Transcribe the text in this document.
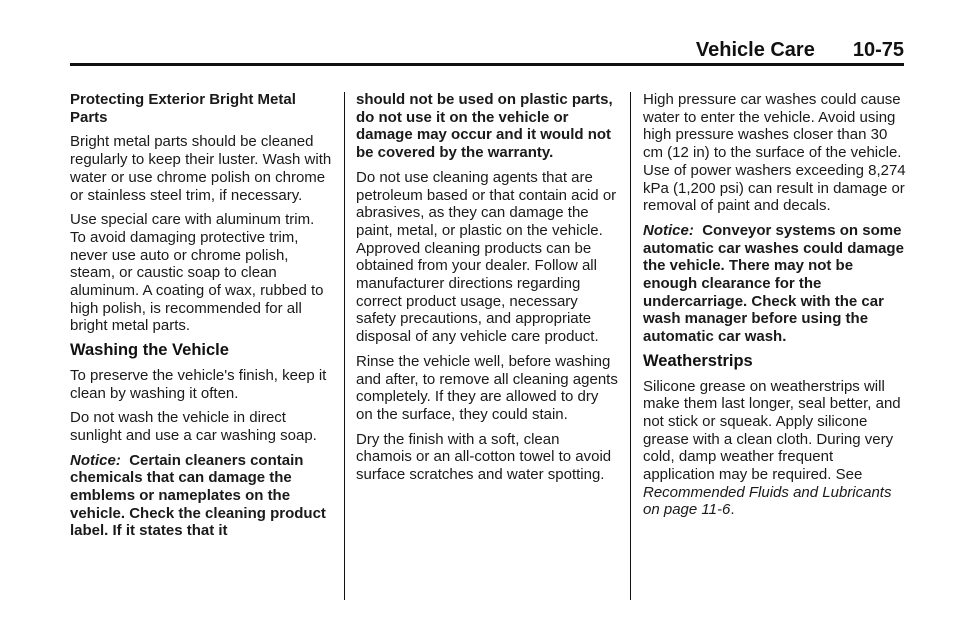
Vehicle Care 10-75

Protecting Exterior Bright Metal Parts

Bright metal parts should be cleaned regularly to keep their luster. Wash with water or use chrome polish on chrome or stainless steel trim, if necessary.

Use special care with aluminum trim. To avoid damaging protective trim, never use auto or chrome polish, steam, or caustic soap to clean aluminum. A coating of wax, rubbed to high polish, is recommended for all bright metal parts.

Washing the Vehicle

To preserve the vehicle's finish, keep it clean by washing it often.

Do not wash the vehicle in direct sunlight and use a car washing soap.

Notice: Certain cleaners contain chemicals that can damage the emblems or nameplates on the vehicle. Check the cleaning product label. If it states that it

should not be used on plastic parts, do not use it on the vehicle or damage may occur and it would not be covered by the warranty.

Do not use cleaning agents that are petroleum based or that contain acid or abrasives, as they can damage the paint, metal, or plastic on the vehicle. Approved cleaning products can be obtained from your dealer. Follow all manufacturer directions regarding correct product usage, necessary safety precautions, and appropriate disposal of any vehicle care product.

Rinse the vehicle well, before washing and after, to remove all cleaning agents completely. If they are allowed to dry on the surface, they could stain.

Dry the finish with a soft, clean chamois or an all-cotton towel to avoid surface scratches and water spotting.

High pressure car washes could cause water to enter the vehicle. Avoid using high pressure washes closer than 30 cm (12 in) to the surface of the vehicle. Use of power washers exceeding 8,274 kPa (1,200 psi) can result in damage or removal of paint and decals.

Notice: Conveyor systems on some automatic car washes could damage the vehicle. There may not be enough clearance for the undercarriage. Check with the car wash manager before using the automatic car wash.

Weatherstrips

Silicone grease on weatherstrips will make them last longer, seal better, and not stick or squeak. Apply silicone grease with a clean cloth. During very cold, damp weather frequent application may be required. See Recommended Fluids and Lubricants on page 11-6.
